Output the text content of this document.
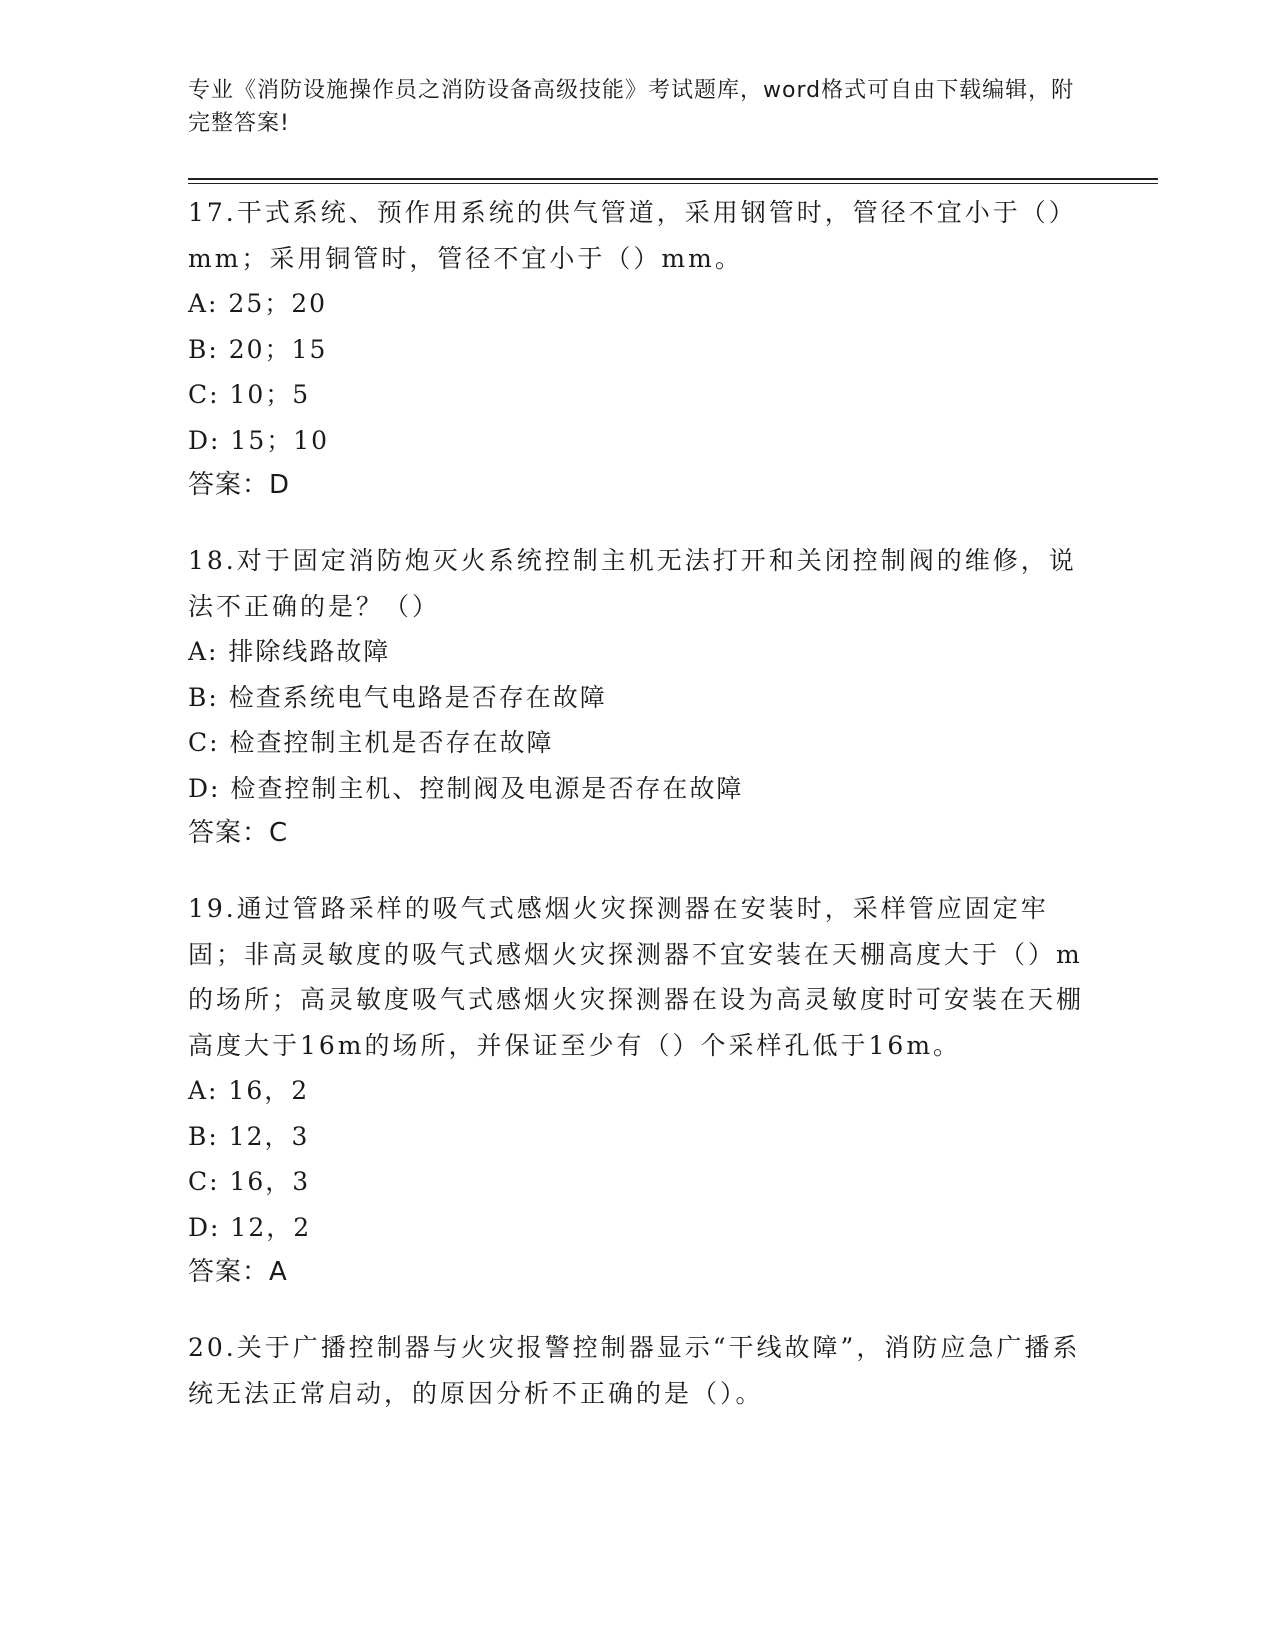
专业《消防设施操作员之消防设备高级技能》考试题库，word格式可自由下载编辑，附完整答案!
17.干式系统、预作用系统的供气管道，采用钢管时，管径不宜小于（）mm；采用铜管时，管径不宜小于（）mm。
A: 25；20
B: 20；15
C: 10；5
D: 15；10
答案：D
18.对于固定消防炮灭火系统控制主机无法打开和关闭控制阀的维修，说法不正确的是？（）
A: 排除线路故障
B: 检查系统电气电路是否存在故障
C: 检查控制主机是否存在故障
D: 检查控制主机、控制阀及电源是否存在故障
答案：C
19.通过管路采样的吸气式感烟火灾探测器在安装时，采样管应固定牢固；非高灵敏度的吸气式感烟火灾探测器不宜安装在天棚高度大于（）m的场所；高灵敏度吸气式感烟火灾探测器在设为高灵敏度时可安装在天棚高度大于16m的场所，并保证至少有（）个采样孔低于16m。
A: 16，2
B: 12，3
C: 16，3
D: 12，2
答案：A
20.关于广播控制器与火灾报警控制器显示“干线故障”，消防应急广播系统无法正常启动，的原因分析不正确的是（）。
